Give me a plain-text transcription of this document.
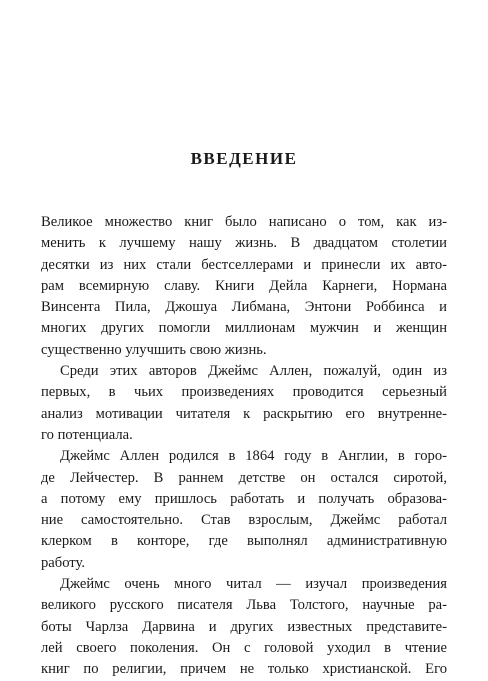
ВВЕДЕНИЕ
Великое множество книг было написано о том, как из-
менить к лучшему нашу жизнь. В двадцатом столетии
десятки из них стали бестселлерами и принесли их авто-
рам всемирную славу. Книги Дейла Карнеги, Нормана
Винсента Пила, Джошуа Либмана, Энтони Роббинса и
многих других помогли миллионам мужчин и женщин
существенно улучшить свою жизнь.
Среди этих авторов Джеймс Аллен, пожалуй, один из
первых, в чьих произведениях проводится серьезный
анализ мотивации читателя к раскрытию его внутренне-
го потенциала.
Джеймс Аллен родился в 1864 году в Англии, в горо-
де Лейчестер. В раннем детстве он остался сиротой,
а потому ему пришлось работать и получать образова-
ние самостоятельно. Став взрослым, Джеймс работал
клерком в конторе, где выполнял административную
работу.
Джеймс очень много читал — изучал произведения
великого русского писателя Льва Толстого, научные ра-
боты Чарлза Дарвина и других известных представите-
лей своего поколения. Он с головой уходил в чтение
книг по религии, причем не только христианской. Его
